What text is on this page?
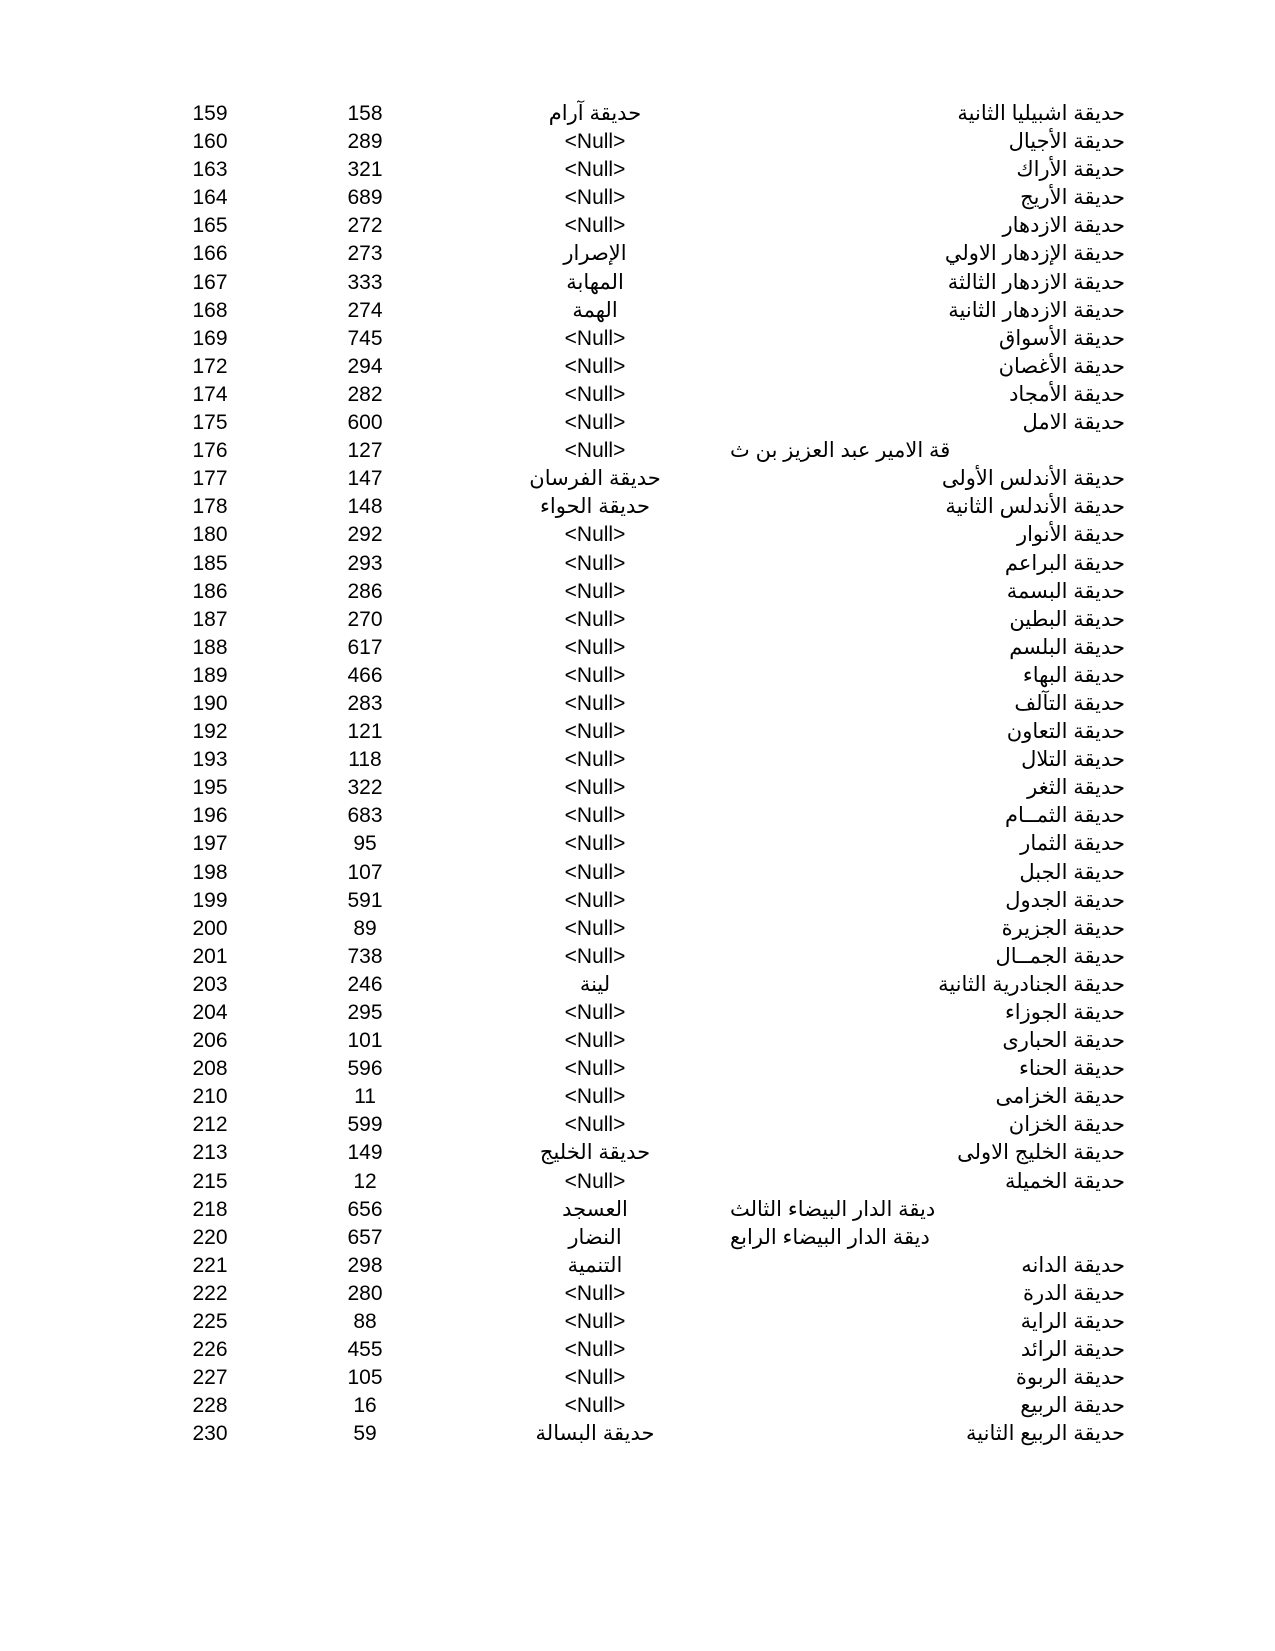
159	158	حديقة آرام	حديقة اشبيليا الثانية
160	289	<Null>	حديقة الأجيال
163	321	<Null>	حديقة الأراك
164	689	<Null>	حديقة الأريج
165	272	<Null>	حديقة الازدهار
166	273	الإصرار	حديقة الإزدهار الاولي
167	333	المهابة	حديقة الازدهار الثالثة
168	274	الهمة	حديقة الازدهار الثانية
169	745	<Null>	حديقة الأسواق
172	294	<Null>	حديقة الأغصان
174	282	<Null>	حديقة الأمجاد
175	600	<Null>	حديقة الامل
176	127	<Null>	قة الامير عبد العزيز بن ث
177	147	حديقة الفرسان	حديقة الأندلس الأولى
178	148	حديقة الحواء	حديقة الأندلس الثانية
180	292	<Null>	حديقة الأنوار
185	293	<Null>	حديقة البراعم
186	286	<Null>	حديقة البسمة
187	270	<Null>	حديقة البطين
188	617	<Null>	حديقة البلسم
189	466	<Null>	حديقة البهاء
190	283	<Null>	حديقة التآلف
192	121	<Null>	حديقة التعاون
193	118	<Null>	حديقة التلال
195	322	<Null>	حديقة الثغر
196	683	<Null>	حديقة الثمــام
197	95	<Null>	حديقة الثمار
198	107	<Null>	حديقة الجبل
199	591	<Null>	حديقة الجدول
200	89	<Null>	حديقة الجزيرة
201	738	<Null>	حديقة الجمــال
203	246	لينة	حديقة الجنادرية الثانية
204	295	<Null>	حديقة الجوزاء
206	101	<Null>	حديقة الحبارى
208	596	<Null>	حديقة الحناء
210	11	<Null>	حديقة الخزامى
212	599	<Null>	حديقة الخزان
213	149	حديقة الخليج	حديقة الخليج الاولى
215	12	<Null>	حديقة الخميلة
218	656	العسجد	ديقة الدار البيضاء الثالث
220	657	النضار	ديقة الدار البيضاء الرابع
221	298	التنمية	حديقة الدانه
222	280	<Null>	حديقة الدرة
225	88	<Null>	حديقة الراية
226	455	<Null>	حديقة الرائد
227	105	<Null>	حديقة الربوة
228	16	<Null>	حديقة الربيع
230	59	حديقة البسالة	حديقة الربيع الثانية
